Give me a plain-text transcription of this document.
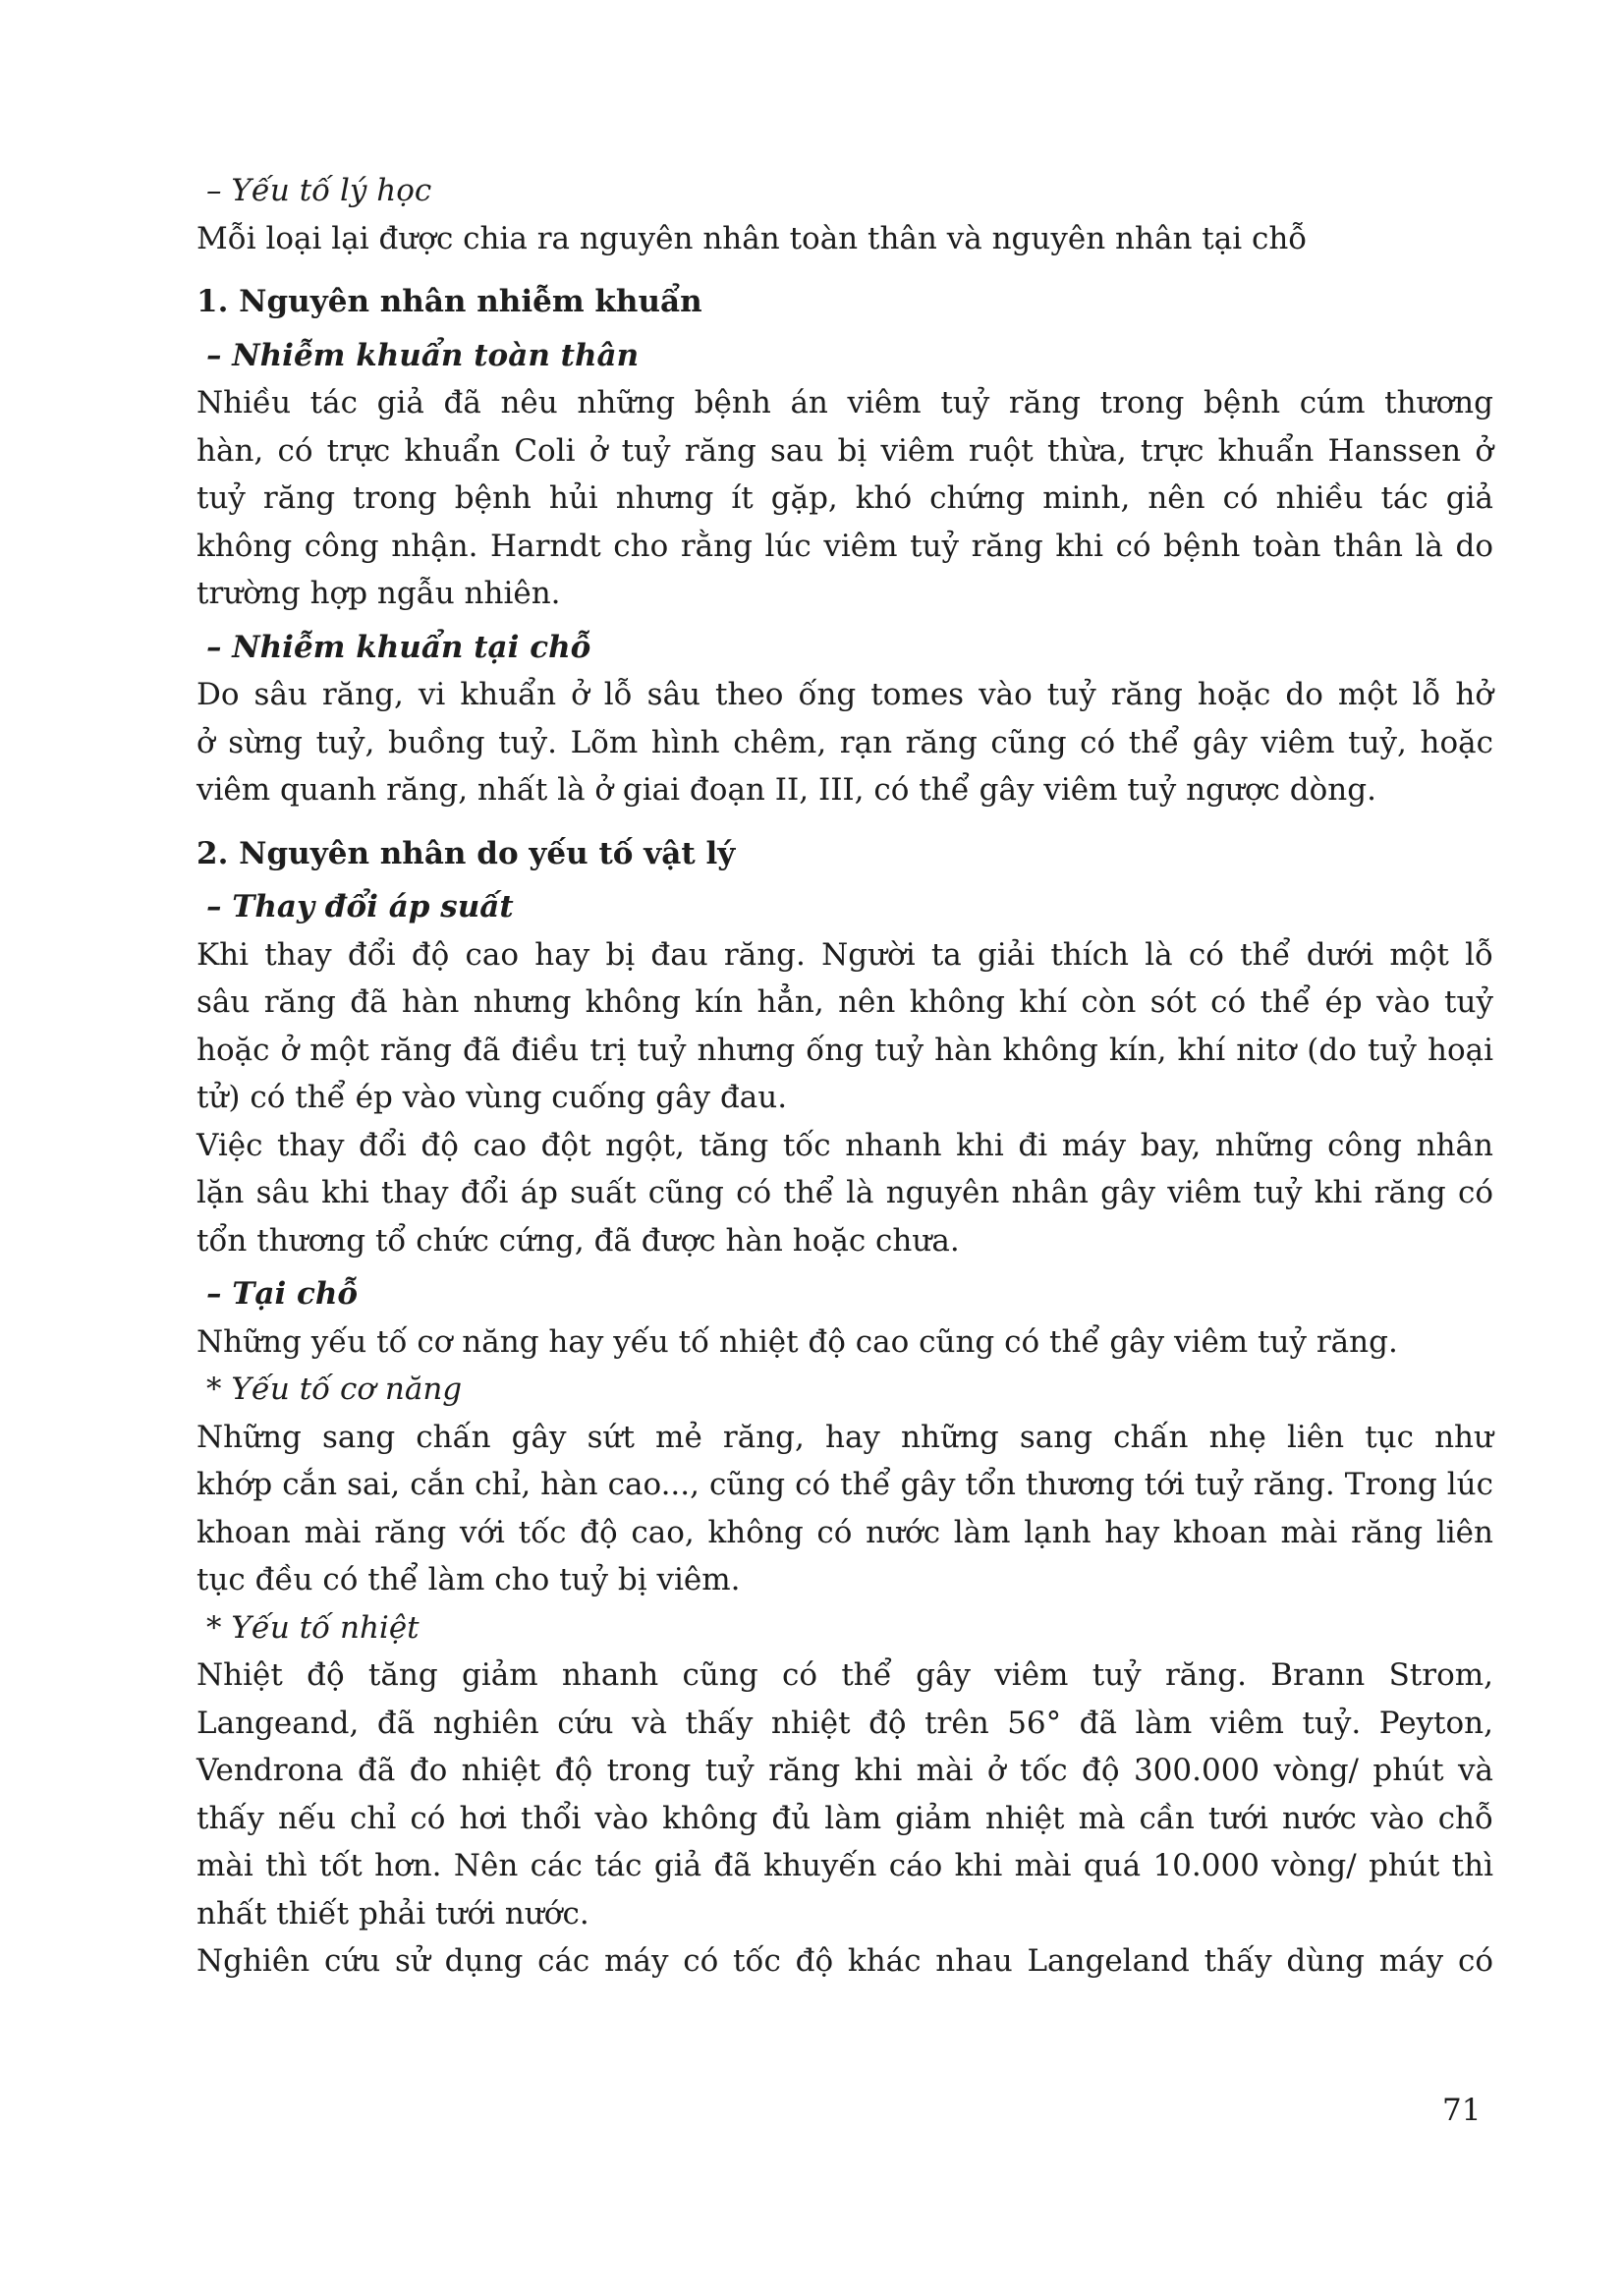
– Yếu tố lý học
Mỗi loại lại được chia ra nguyên nhân toàn thân và nguyên nhân tại chỗ
1. Nguyên nhân nhiễm khuẩn
– Nhiễm khuẩn toàn thân
Nhiều tác giả đã nêu những bệnh án viêm tuỷ răng trong bệnh cúm thương
hàn, có trực khuẩn Coli ở tuỷ răng sau bị viêm ruột thừa, trực khuẩn Hanssen ở
tuỷ răng trong bệnh hủi nhưng ít gặp, khó chứng minh, nên có nhiều tác giả
không công nhận. Harndt cho rằng lúc viêm tuỷ răng khi có bệnh toàn thân là do
trường hợp ngẫu nhiên.
– Nhiễm khuẩn tại chỗ
Do sâu răng, vi khuẩn ở lỗ sâu theo ống tomes vào tuỷ răng hoặc do một lỗ hở
ở sừng tuỷ, buồng tuỷ. Lõm hình chêm, rạn răng cũng có thể gây viêm tuỷ, hoặc
viêm quanh răng, nhất là ở giai đoạn II, III, có thể gây viêm tuỷ ngược dòng.
2. Nguyên nhân do yếu tố vật lý
– Thay đổi áp suất
Khi thay đổi độ cao hay bị đau răng. Người ta giải thích là có thể dưới một lỗ
sâu răng đã hàn nhưng không kín hẳn, nên không khí còn sót có thể ép vào tuỷ
hoặc ở một răng đã điều trị tuỷ nhưng ống tuỷ hàn không kín, khí nitơ (do tuỷ hoại
tử) có thể ép vào vùng cuống gây đau.
Việc thay đổi độ cao đột ngột, tăng tốc nhanh khi đi máy bay, những công nhân
lặn sâu khi thay đổi áp suất cũng có thể là nguyên nhân gây viêm tuỷ khi răng có
tổn thương tổ chức cứng, đã được hàn hoặc chưa.
– Tại chỗ
Những yếu tố cơ năng hay yếu tố nhiệt độ cao cũng có thể gây viêm tuỷ răng.
* Yếu tố cơ năng
Những sang chấn gây sứt mẻ răng, hay những sang chấn nhẹ liên tục như
khớp cắn sai, cắn chỉ, hàn cao..., cũng có thể gây tổn thương tới tuỷ răng. Trong lúc
khoan mài răng với tốc độ cao, không có nước làm lạnh hay khoan mài răng liên
tục đều có thể làm cho tuỷ bị viêm.
* Yếu tố nhiệt
Nhiệt độ tăng giảm nhanh cũng có thể gây viêm tuỷ răng. Brann Strom,
Langeand, đã nghiên cứu và thấy nhiệt độ trên 56° đã làm viêm tuỷ. Peyton,
Vendrona đã đo nhiệt độ trong tuỷ răng khi mài ở tốc độ 300.000 vòng/ phút và
thấy nếu chỉ có hơi thổi vào không đủ làm giảm nhiệt mà cần tưới nước vào chỗ
mài thì tốt hơn. Nên các tác giả đã khuyến cáo khi mài quá 10.000 vòng/ phút thì
nhất thiết phải tưới nước.
Nghiên cứu sử dụng các máy có tốc độ khác nhau Langeland thấy dùng máy có
71
